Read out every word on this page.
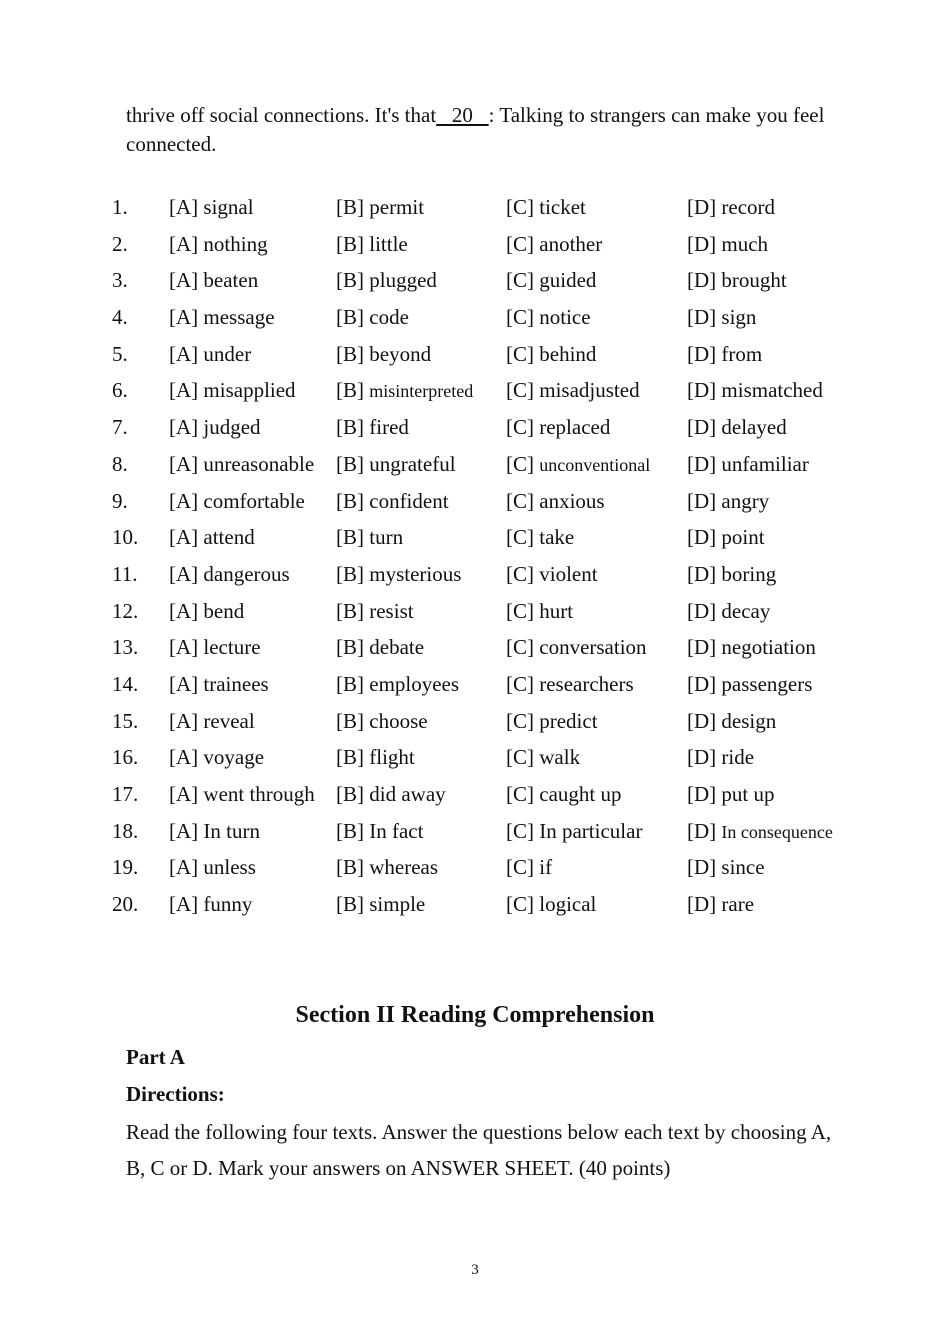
thrive off social connections. It's that   20   : Talking to strangers can make you feel connected.

1. [A] signal	[B] permit	[C] ticket	[D] record
2. [A] nothing	[B] little	[C] another	[D] much
3. [A] beaten	[B] plugged	[C] guided	[D] brought
4. [A] message	[B] code	[C] notice	[D] sign
5. [A] under	[B] beyond	[C] behind	[D] from
6. [A] misapplied [B] misinterpreted [C] misadjusted [D] mismatched
7. [A] judged	[B] fired	[C] replaced	[D] delayed
8. [A] unreasonable [B] ungrateful [C] unconventional [D] unfamiliar
9. [A] comfortable [B] confident	[C] anxious	[D] angry
10. [A] attend	[B] turn	[C] take	[D] point
11. [A] dangerous [B] mysterious [C] violent	[D] boring
12. [A] bend	[B] resist	[C] hurt	[D] decay
13. [A] lecture	[B] debate	[C] conversation [D] negotiation
14. [A] trainees	[B] employees [C] researchers	[D] passengers
15. [A] reveal	[B] choose	[C] predict	[D] design
16. [A] voyage	[B] flight	[C] walk	[D] ride
17. [A] went through [B] did away	[C] caught up	[D] put up
18. [A] In turn	[B] In fact	[C] In particular [D] In consequence
19. [A] unless	[B] whereas	[C] if	[D] since
20. [A] funny	[B] simple	[C] logical	[D] rare
Section II Reading Comprehension

Part A

Directions:

Read the following four texts. Answer the questions below each text by choosing A, B, C or D. Mark your answers on ANSWER SHEET. (40 points)

3
